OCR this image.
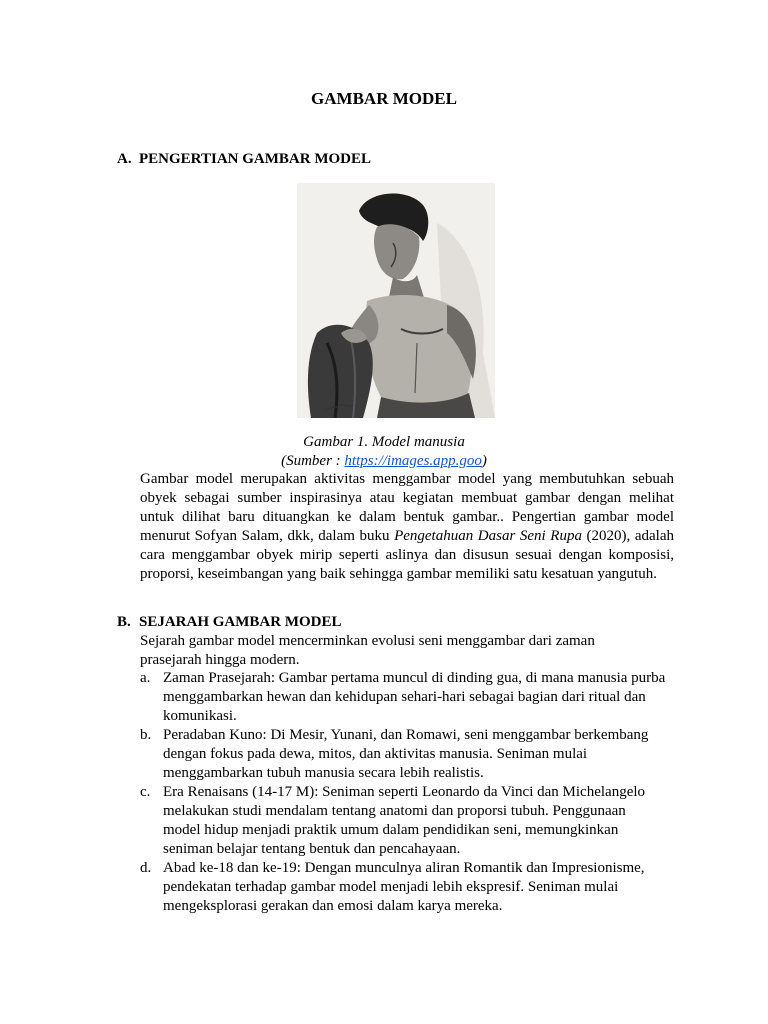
GAMBAR MODEL
A. PENGERTIAN GAMBAR MODEL
Gambar 1. Model manusia
(Sumber : https://images.app.goo)
Gambar model merupakan aktivitas menggambar model yang membutuhkan sebuah obyek sebagai sumber inspirasinya atau kegiatan membuat gambar dengan melihat untuk dilihat baru dituangkan ke dalam bentuk gambar.. Pengertian gambar model menurut Sofyan Salam, dkk, dalam buku Pengetahuan Dasar Seni Rupa (2020), adalah cara menggambar obyek mirip seperti aslinya dan disusun sesuai dengan komposisi, proporsi, keseimbangan yang baik sehingga gambar memiliki satu kesatuan yangutuh.
B. SEJARAH GAMBAR MODEL
Sejarah gambar model mencerminkan evolusi seni menggambar dari zaman prasejarah hingga modern.
a. Zaman Prasejarah: Gambar pertama muncul di dinding gua, di mana manusia purba menggambarkan hewan dan kehidupan sehari-hari sebagai bagian dari ritual dan komunikasi.
b. Peradaban Kuno: Di Mesir, Yunani, dan Romawi, seni menggambar berkembang dengan fokus pada dewa, mitos, dan aktivitas manusia. Seniman mulai menggambarkan tubuh manusia secara lebih realistis.
c. Era Renaisans (14-17 M): Seniman seperti Leonardo da Vinci dan Michelangelo melakukan studi mendalam tentang anatomi dan proporsi tubuh. Penggunaan model hidup menjadi praktik umum dalam pendidikan seni, memungkinkan seniman belajar tentang bentuk dan pencahayaan.
d. Abad ke-18 dan ke-19: Dengan munculnya aliran Romantik dan Impresionisme, pendekatan terhadap gambar model menjadi lebih ekspresif. Seniman mulai mengeksplorasi gerakan dan emosi dalam karya mereka.
